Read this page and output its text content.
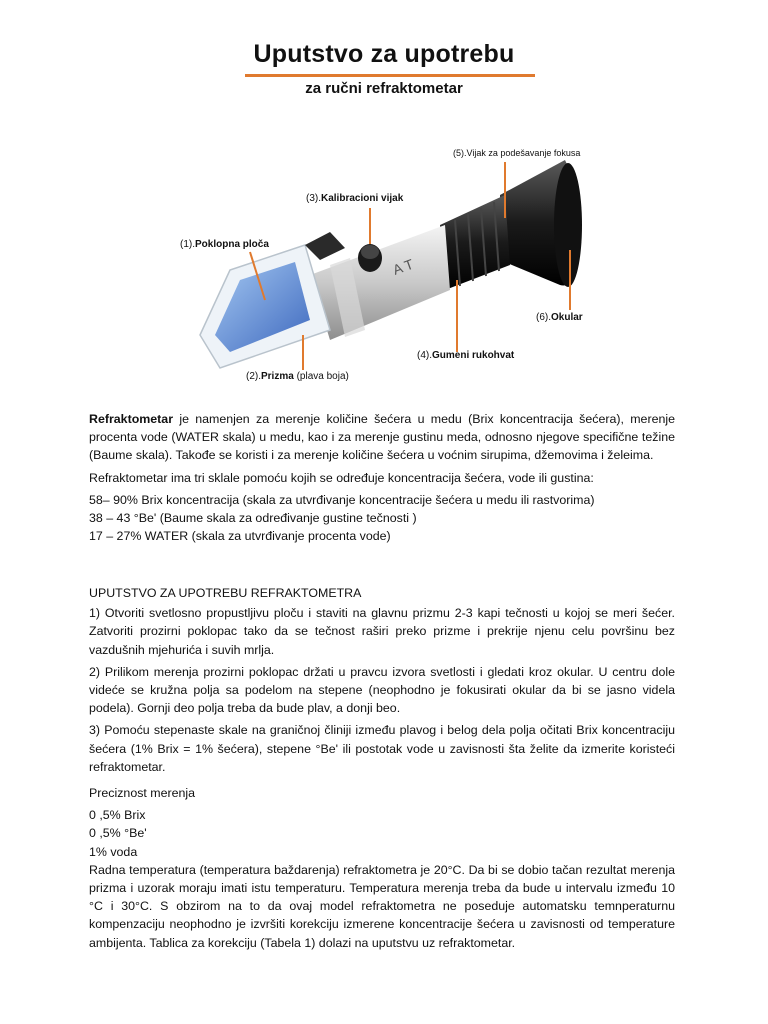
Uputstvo za upotrebu
za ručni refraktometar
A T
(1).Poklopna ploča
(2).Prizma (plava boja)
(3).Kalibracioni vijak
(4).Gumeni rukohvat
(5).Vijak za podešavanje fokusa
(6).Okular

Refraktometar je namenjen za merenje količine šećera u medu (Brix koncentracija šećera), merenje procenta vode (WATER skala) u medu, kao i za merenje gustinu meda, odnosno njegove specifične težine (Baume skala). Takođe se koristi i za merenje količine šećera u voćnim sirupima, džemovima i želeima.

Refraktometar ima tri sklale pomoću kojih se određuje koncentracija šećera, vode ili gustina:

58– 90% Brix koncentracija (skala za utvrđivanje koncentracije šećera u medu ili rastvorima)
38 – 43 °Be' (Baume skala za određivanje gustine tečnosti )
17 – 27% WATER (skala za utvrđivanje procenta vode)
UPUTSTVO ZA UPOTREBU REFRAKTOMETRA

1) Otvoriti svetlosno propustljivu ploču i staviti na glavnu prizmu 2-3 kapi tečnosti u kojoj se meri šećer. Zatvoriti prozirni poklopac tako da se tečnost raširi preko prizme i prekrije njenu celu površinu bez vazdušnih mjehurića i suvih mrlja.

2) Prilikom merenja prozirni poklopac držati u pravcu izvora svetlosti i gledati kroz okular. U centru dole videće se kružna polja sa podelom na stepene (neophodno je fokusirati okular da bi se jasno videla podela). Gornji deo polja treba da bude plav, a donji beo.

3) Pomoću stepenaste skale na graničnoj čliniji između plavog i belog dela polja očitati Brix koncentraciju šećera (1% Brix = 1% šećera), stepene °Be' ili postotak vode u zavisnosti šta želite da izmerite koristeći refraktometar.

Preciznost merenja

0 ,5% Brix
0 ,5% °Be'
1% voda

Radna temperatura (temperatura baždarenja) refraktometra je 20°C. Da bi se dobio tačan rezultat merenja prizma i uzorak moraju imati istu temperaturu. Temperatura merenja treba da bude u intervalu između 10 °C i 30°C. S obzirom na to da ovaj model refraktometra ne poseduje automatsku temnperaturnu kompenzaciju neophodno je izvršiti korekciju izmerene koncentracije šećera u zavisnosti od temperature ambijenta. Tablica za korekciju (Tabela 1) dolazi na uputstvu uz refraktometar.
